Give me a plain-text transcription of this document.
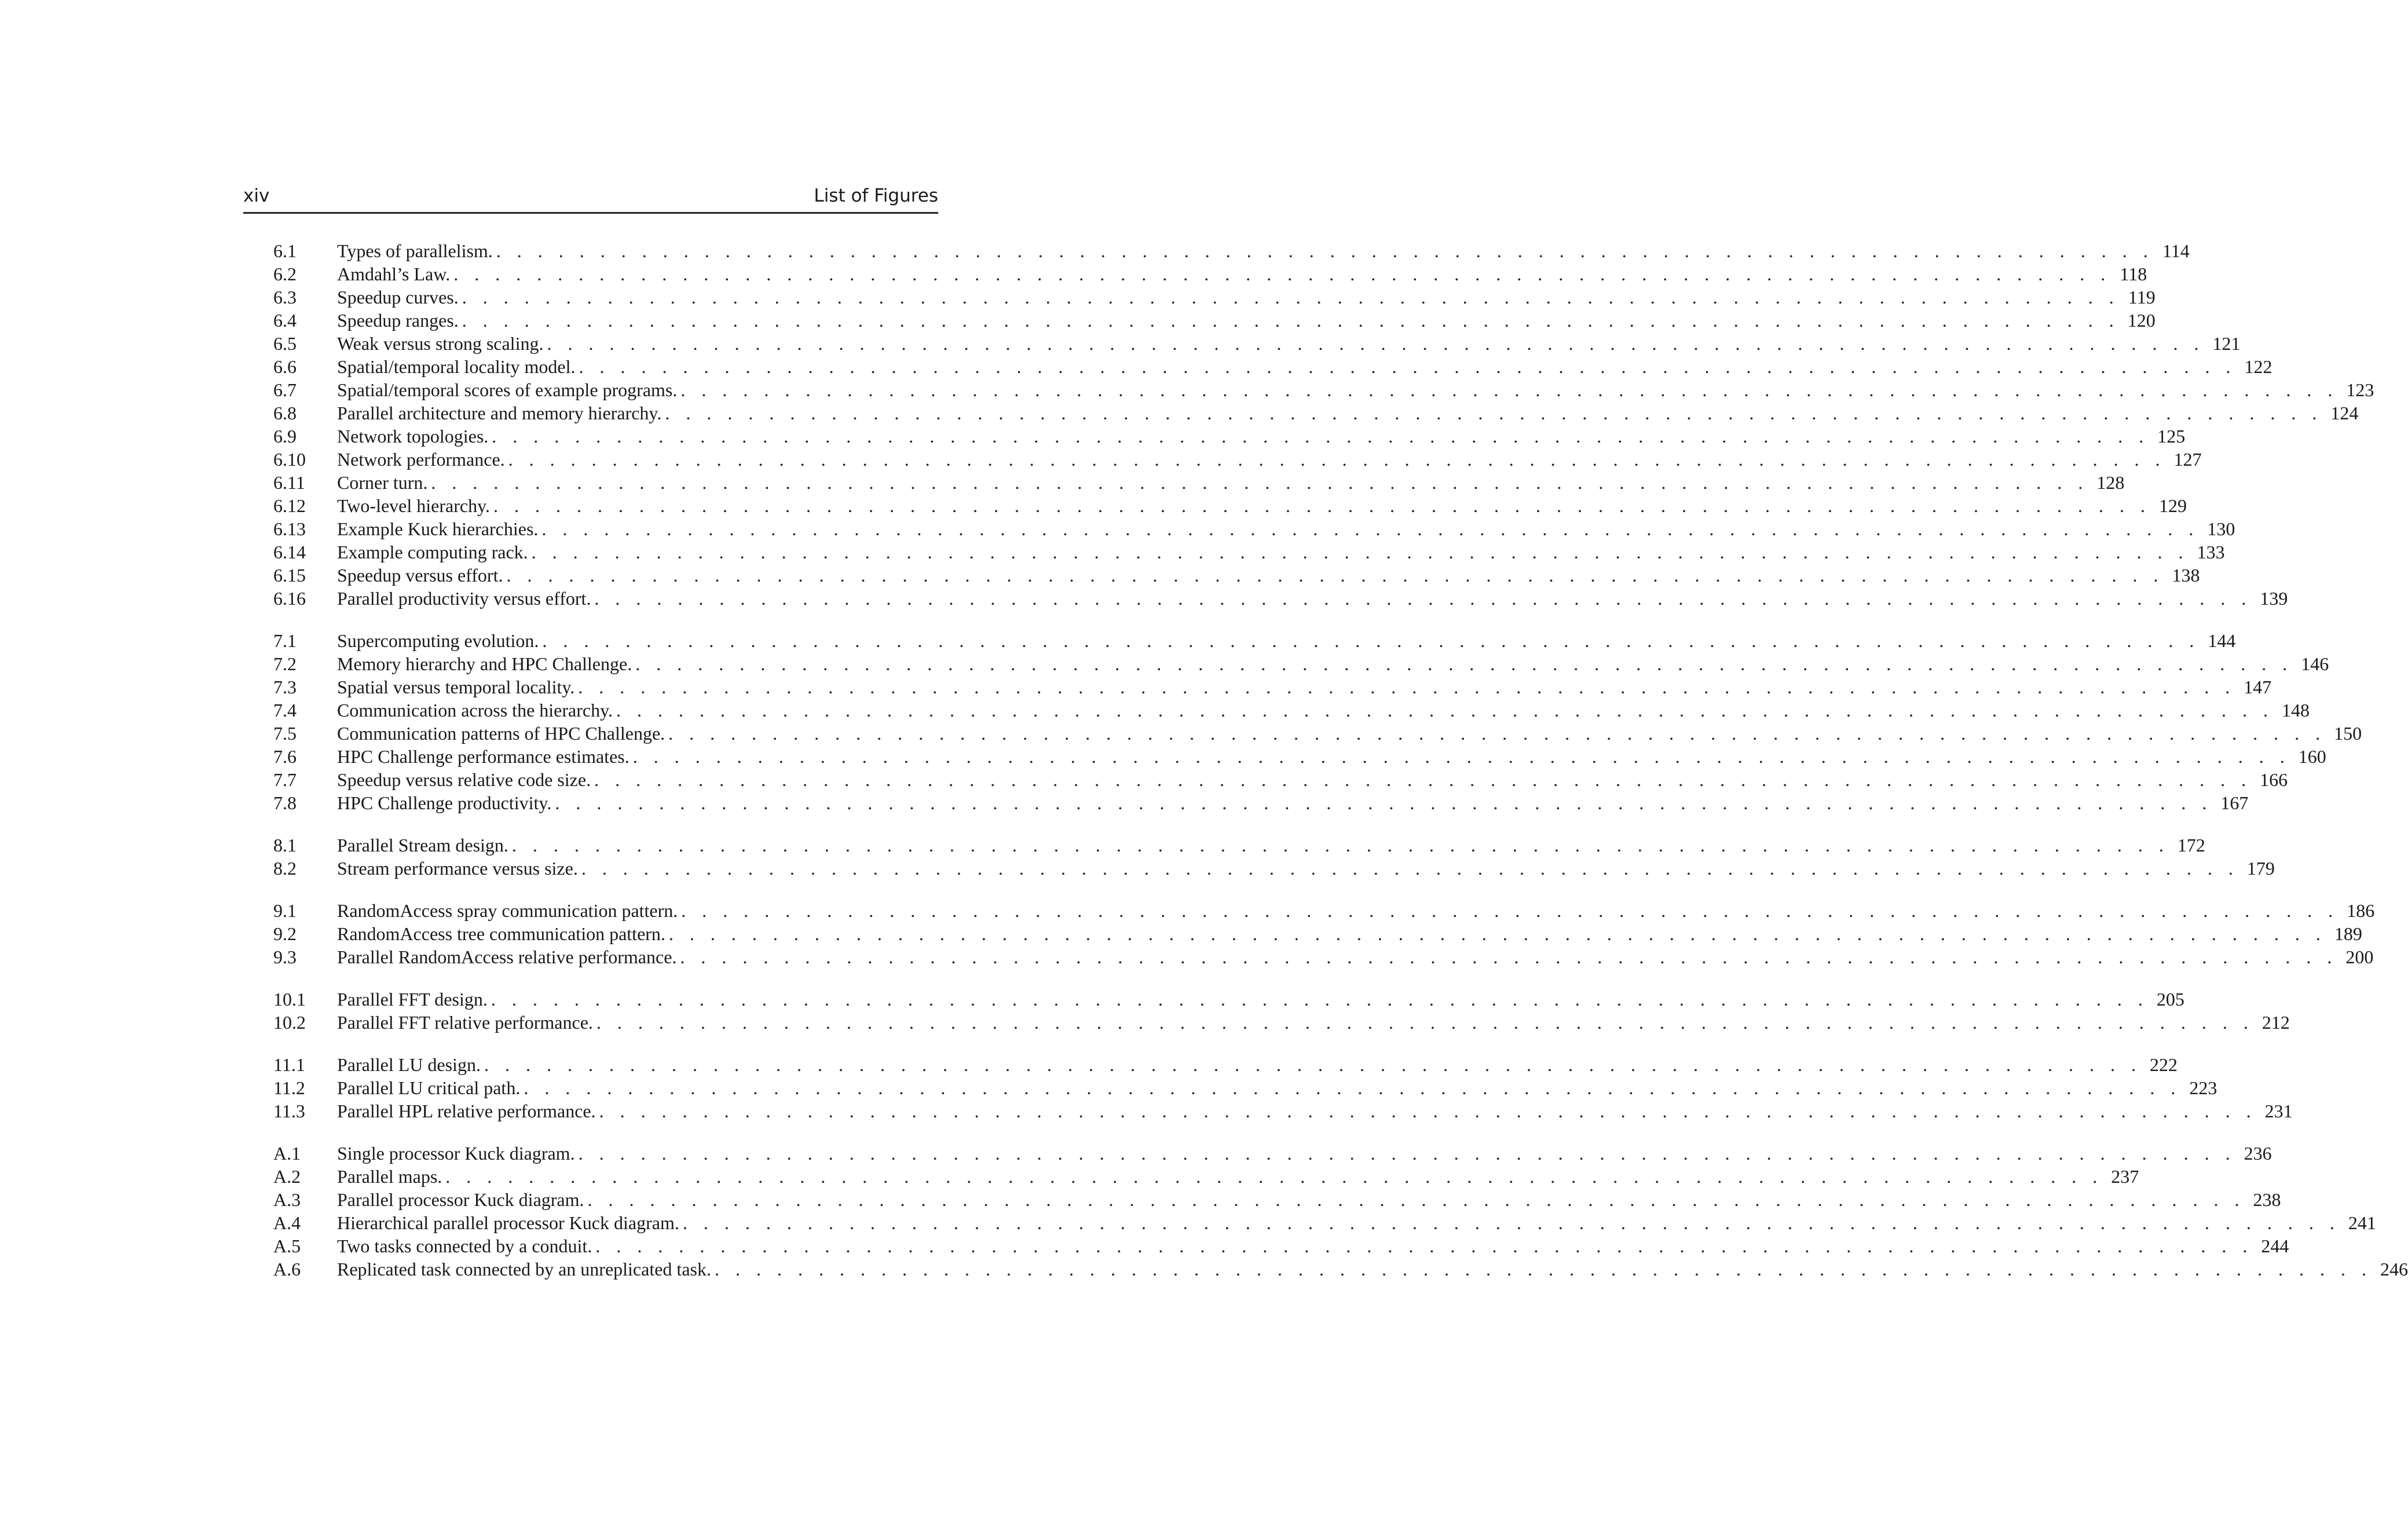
xiv	List of Figures
6.1	Types of parallelism. . . . . . . . . . . . . . . . . . . . . . . . . . . . . . . . . . . . . . . . . . . . . . . . . . . . . . . . . . . . . . . . . . . . . . . . . . . . . . . . . 114
6.2	Amdahl’s Law. . . . . . . . . . . . . . . . . . . . . . . . . . . . . . . . . . . . . . . . . . . . . . . . . . . . . . . . . . . . . . . . . . . . . . . . . . . . . . . . . 118
6.3	Speedup curves. . . . . . . . . . . . . . . . . . . . . . . . . . . . . . . . . . . . . . . . . . . . . . . . . . . . . . . . . . . . . . . . . . . . . . . . . . . . . . . . . 119
6.4	Speedup ranges. . . . . . . . . . . . . . . . . . . . . . . . . . . . . . . . . . . . . . . . . . . . . . . . . . . . . . . . . . . . . . . . . . . . . . . . . . . . . . . . . 120
6.5	Weak versus strong scaling. . . . . . . . . . . . . . . . . . . . . . . . . . . . . . . . . . . . . . . . . . . . . . . . . . . . . . . . . . . . . . . . . . . . . . . . . . . . . . . . . 121
6.6	Spatial/temporal locality model. . . . . . . . . . . . . . . . . . . . . . . . . . . . . . . . . . . . . . . . . . . . . . . . . . . . . . . . . . . . . . . . . . . . . . . . . . . . . . . . . 122
6.7	Spatial/temporal scores of example programs. . . . . . . . . . . . . . . . . . . . . . . . . . . . . . . . . . . . . . . . . . . . . . . . . . . . . . . . . . . . . . . . . . . . . . . . . . . . . . . . . 123
6.8	Parallel architecture and memory hierarchy. . . . . . . . . . . . . . . . . . . . . . . . . . . . . . . . . . . . . . . . . . . . . . . . . . . . . . . . . . . . . . . . . . . . . . . . . . . . . . . . . 124
6.9	Network topologies. . . . . . . . . . . . . . . . . . . . . . . . . . . . . . . . . . . . . . . . . . . . . . . . . . . . . . . . . . . . . . . . . . . . . . . . . . . . . . . . . 125
6.10	Network performance. . . . . . . . . . . . . . . . . . . . . . . . . . . . . . . . . . . . . . . . . . . . . . . . . . . . . . . . . . . . . . . . . . . . . . . . . . . . . . . . . 127
6.11	Corner turn. . . . . . . . . . . . . . . . . . . . . . . . . . . . . . . . . . . . . . . . . . . . . . . . . . . . . . . . . . . . . . . . . . . . . . . . . . . . . . . . . 128
6.12	Two-level hierarchy. . . . . . . . . . . . . . . . . . . . . . . . . . . . . . . . . . . . . . . . . . . . . . . . . . . . . . . . . . . . . . . . . . . . . . . . . . . . . . . . . 129
6.13	Example Kuck hierarchies. . . . . . . . . . . . . . . . . . . . . . . . . . . . . . . . . . . . . . . . . . . . . . . . . . . . . . . . . . . . . . . . . . . . . . . . . . . . . . . . . 130
6.14	Example computing rack. . . . . . . . . . . . . . . . . . . . . . . . . . . . . . . . . . . . . . . . . . . . . . . . . . . . . . . . . . . . . . . . . . . . . . . . . . . . . . . . . 133
6.15	Speedup versus effort. . . . . . . . . . . . . . . . . . . . . . . . . . . . . . . . . . . . . . . . . . . . . . . . . . . . . . . . . . . . . . . . . . . . . . . . . . . . . . . . . 138
6.16	Parallel productivity versus effort. . . . . . . . . . . . . . . . . . . . . . . . . . . . . . . . . . . . . . . . . . . . . . . . . . . . . . . . . . . . . . . . . . . . . . . . . . . . . . . . . 139
7.1	Supercomputing evolution. . . . . . . . . . . . . . . . . . . . . . . . . . . . . . . . . . . . . . . . . . . . . . . . . . . . . . . . . . . . . . . . . . . . . . . . . . . . . . . . . 144
7.2	Memory hierarchy and HPC Challenge. . . . . . . . . . . . . . . . . . . . . . . . . . . . . . . . . . . . . . . . . . . . . . . . . . . . . . . . . . . . . . . . . . . . . . . . . . . . . . . . . 146
7.3	Spatial versus temporal locality. . . . . . . . . . . . . . . . . . . . . . . . . . . . . . . . . . . . . . . . . . . . . . . . . . . . . . . . . . . . . . . . . . . . . . . . . . . . . . . . . 147
7.4	Communication across the hierarchy. . . . . . . . . . . . . . . . . . . . . . . . . . . . . . . . . . . . . . . . . . . . . . . . . . . . . . . . . . . . . . . . . . . . . . . . . . . . . . . . . 148
7.5	Communication patterns of HPC Challenge. . . . . . . . . . . . . . . . . . . . . . . . . . . . . . . . . . . . . . . . . . . . . . . . . . . . . . . . . . . . . . . . . . . . . . . . . . . . . . . . . 150
7.6	HPC Challenge performance estimates. . . . . . . . . . . . . . . . . . . . . . . . . . . . . . . . . . . . . . . . . . . . . . . . . . . . . . . . . . . . . . . . . . . . . . . . . . . . . . . . . 160
7.7	Speedup versus relative code size. . . . . . . . . . . . . . . . . . . . . . . . . . . . . . . . . . . . . . . . . . . . . . . . . . . . . . . . . . . . . . . . . . . . . . . . . . . . . . . . . 166
7.8	HPC Challenge productivity. . . . . . . . . . . . . . . . . . . . . . . . . . . . . . . . . . . . . . . . . . . . . . . . . . . . . . . . . . . . . . . . . . . . . . . . . . . . . . . . . 167
8.1	Parallel Stream design. . . . . . . . . . . . . . . . . . . . . . . . . . . . . . . . . . . . . . . . . . . . . . . . . . . . . . . . . . . . . . . . . . . . . . . . . . . . . . . . . 172
8.2	Stream performance versus size. . . . . . . . . . . . . . . . . . . . . . . . . . . . . . . . . . . . . . . . . . . . . . . . . . . . . . . . . . . . . . . . . . . . . . . . . . . . . . . . . 179
9.1	RandomAccess spray communication pattern. . . . . . . . . . . . . . . . . . . . . . . . . . . . . . . . . . . . . . . . . . . . . . . . . . . . . . . . . . . . . . . . . . . . . . . . . . . . . . . . . 186
9.2	RandomAccess tree communication pattern. . . . . . . . . . . . . . . . . . . . . . . . . . . . . . . . . . . . . . . . . . . . . . . . . . . . . . . . . . . . . . . . . . . . . . . . . . . . . . . . . 189
9.3	Parallel RandomAccess relative performance. . . . . . . . . . . . . . . . . . . . . . . . . . . . . . . . . . . . . . . . . . . . . . . . . . . . . . . . . . . . . . . . . . . . . . . . . . . . . . . . . 200
10.1	Parallel FFT design. . . . . . . . . . . . . . . . . . . . . . . . . . . . . . . . . . . . . . . . . . . . . . . . . . . . . . . . . . . . . . . . . . . . . . . . . . . . . . . . . 205
10.2	Parallel FFT relative performance. . . . . . . . . . . . . . . . . . . . . . . . . . . . . . . . . . . . . . . . . . . . . . . . . . . . . . . . . . . . . . . . . . . . . . . . . . . . . . . . . 212
11.1	Parallel LU design. . . . . . . . . . . . . . . . . . . . . . . . . . . . . . . . . . . . . . . . . . . . . . . . . . . . . . . . . . . . . . . . . . . . . . . . . . . . . . . . . 222
11.2	Parallel LU critical path. . . . . . . . . . . . . . . . . . . . . . . . . . . . . . . . . . . . . . . . . . . . . . . . . . . . . . . . . . . . . . . . . . . . . . . . . . . . . . . . . 223
11.3	Parallel HPL relative performance. . . . . . . . . . . . . . . . . . . . . . . . . . . . . . . . . . . . . . . . . . . . . . . . . . . . . . . . . . . . . . . . . . . . . . . . . . . . . . . . . 231
A.1	Single processor Kuck diagram. . . . . . . . . . . . . . . . . . . . . . . . . . . . . . . . . . . . . . . . . . . . . . . . . . . . . . . . . . . . . . . . . . . . . . . . . . . . . . . . . 236
A.2	Parallel maps. . . . . . . . . . . . . . . . . . . . . . . . . . . . . . . . . . . . . . . . . . . . . . . . . . . . . . . . . . . . . . . . . . . . . . . . . . . . . . . . . 237
A.3	Parallel processor Kuck diagram. . . . . . . . . . . . . . . . . . . . . . . . . . . . . . . . . . . . . . . . . . . . . . . . . . . . . . . . . . . . . . . . . . . . . . . . . . . . . . . . . 238
A.4	Hierarchical parallel processor Kuck diagram. . . . . . . . . . . . . . . . . . . . . . . . . . . . . . . . . . . . . . . . . . . . . . . . . . . . . . . . . . . . . . . . . . . . . . . . . . . . . . . . . 241
A.5	Two tasks connected by a conduit. . . . . . . . . . . . . . . . . . . . . . . . . . . . . . . . . . . . . . . . . . . . . . . . . . . . . . . . . . . . . . . . . . . . . . . . . . . . . . . . . 244
A.6	Replicated task connected by an unreplicated task. . . . . . . . . . . . . . . . . . . . . . . . . . . . . . . . . . . . . . . . . . . . . . . . . . . . . . . . . . . . . . . . . . . . . . . . . . . . . . . . . 246
